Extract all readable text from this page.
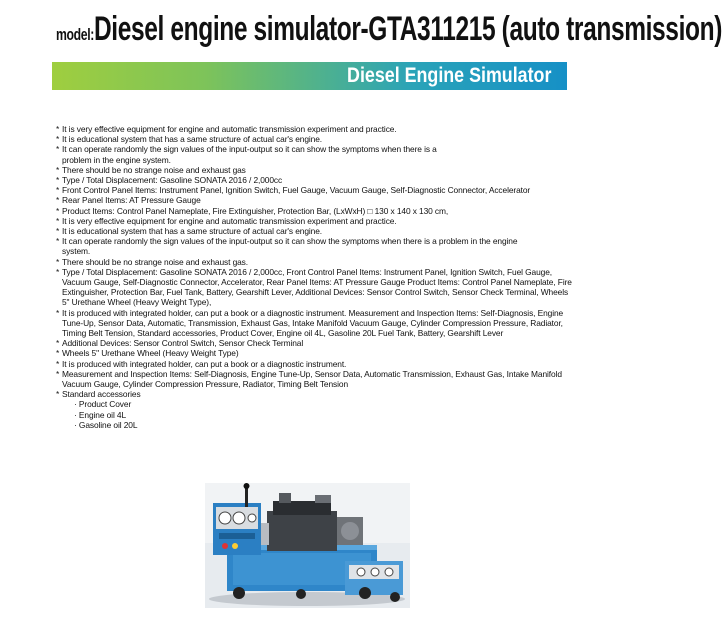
model:Diesel engine simulator-GTA311215 (auto transmission)
Diesel Engine Simulator
* It is very effective equipment for engine and automatic transmission experiment and practice.
* It is educational system that has a same structure of actual car's engine.
* It can operate randomly the sign values of the input-output so it can show the symptoms when there is a problem in the engine system.
* There should be no strange noise and exhaust gas
* Type / Total Displacement: Gasoline SONATA 2016 / 2,000cc
* Front Control Panel Items: Instrument Panel, Ignition Switch, Fuel Gauge, Vacuum Gauge, Self-Diagnostic Connector, Accelerator
* Rear Panel Items: AT Pressure Gauge
* Product Items: Control Panel Nameplate, Fire Extinguisher, Protection Bar, (LxWxH) □ 130 x 140 x 130 cm,
* It is very effective equipment for engine and automatic transmission experiment and practice.
* It is educational system that has a same structure of actual car's engine.
* It can operate randomly the sign values of the input-output so it can show the symptoms when there is a problem in the engine system.
* There should be no strange noise and exhaust gas.
* Type / Total Displacement: Gasoline SONATA 2016 / 2,000cc, Front Control Panel Items: Instrument Panel, Ignition Switch, Fuel Gauge, Vacuum Gauge, Self-Diagnostic Connector, Accelerator, Rear Panel Items: AT Pressure Gauge Product Items: Control Panel Nameplate, Fire Extinguisher, Protection Bar, Fuel Tank, Battery, Gearshift Lever, Additional Devices: Sensor Control Switch, Sensor Check Terminal, Wheels 5" Urethane Wheel (Heavy Weight Type),
* It is produced with integrated holder, can put a book or a diagnostic instrument. Measurement and Inspection Items: Self-Diagnosis, Engine Tune-Up, Sensor Data, Automatic, Transmission, Exhaust Gas, Intake Manifold Vacuum Gauge, Cylinder Compression Pressure, Radiator, Timing Belt Tension, Standard accessories, Product Cover, Engine oil 4L, Gasoline 20L Fuel Tank, Battery, Gearshift Lever
* Additional Devices: Sensor Control Switch, Sensor Check Terminal
* Wheels 5" Urethane Wheel (Heavy Weight Type)
* It is produced with integrated holder, can put a book or a diagnostic instrument.
* Measurement and Inspection Items: Self-Diagnosis, Engine Tune-Up, Sensor Data, Automatic Transmission, Exhaust Gas, Intake Manifold Vacuum Gauge, Cylinder Compression Pressure, Radiator, Timing Belt Tension
* Standard accessories
· Product Cover
· Engine oil 4L
· Gasoline oil 20L
